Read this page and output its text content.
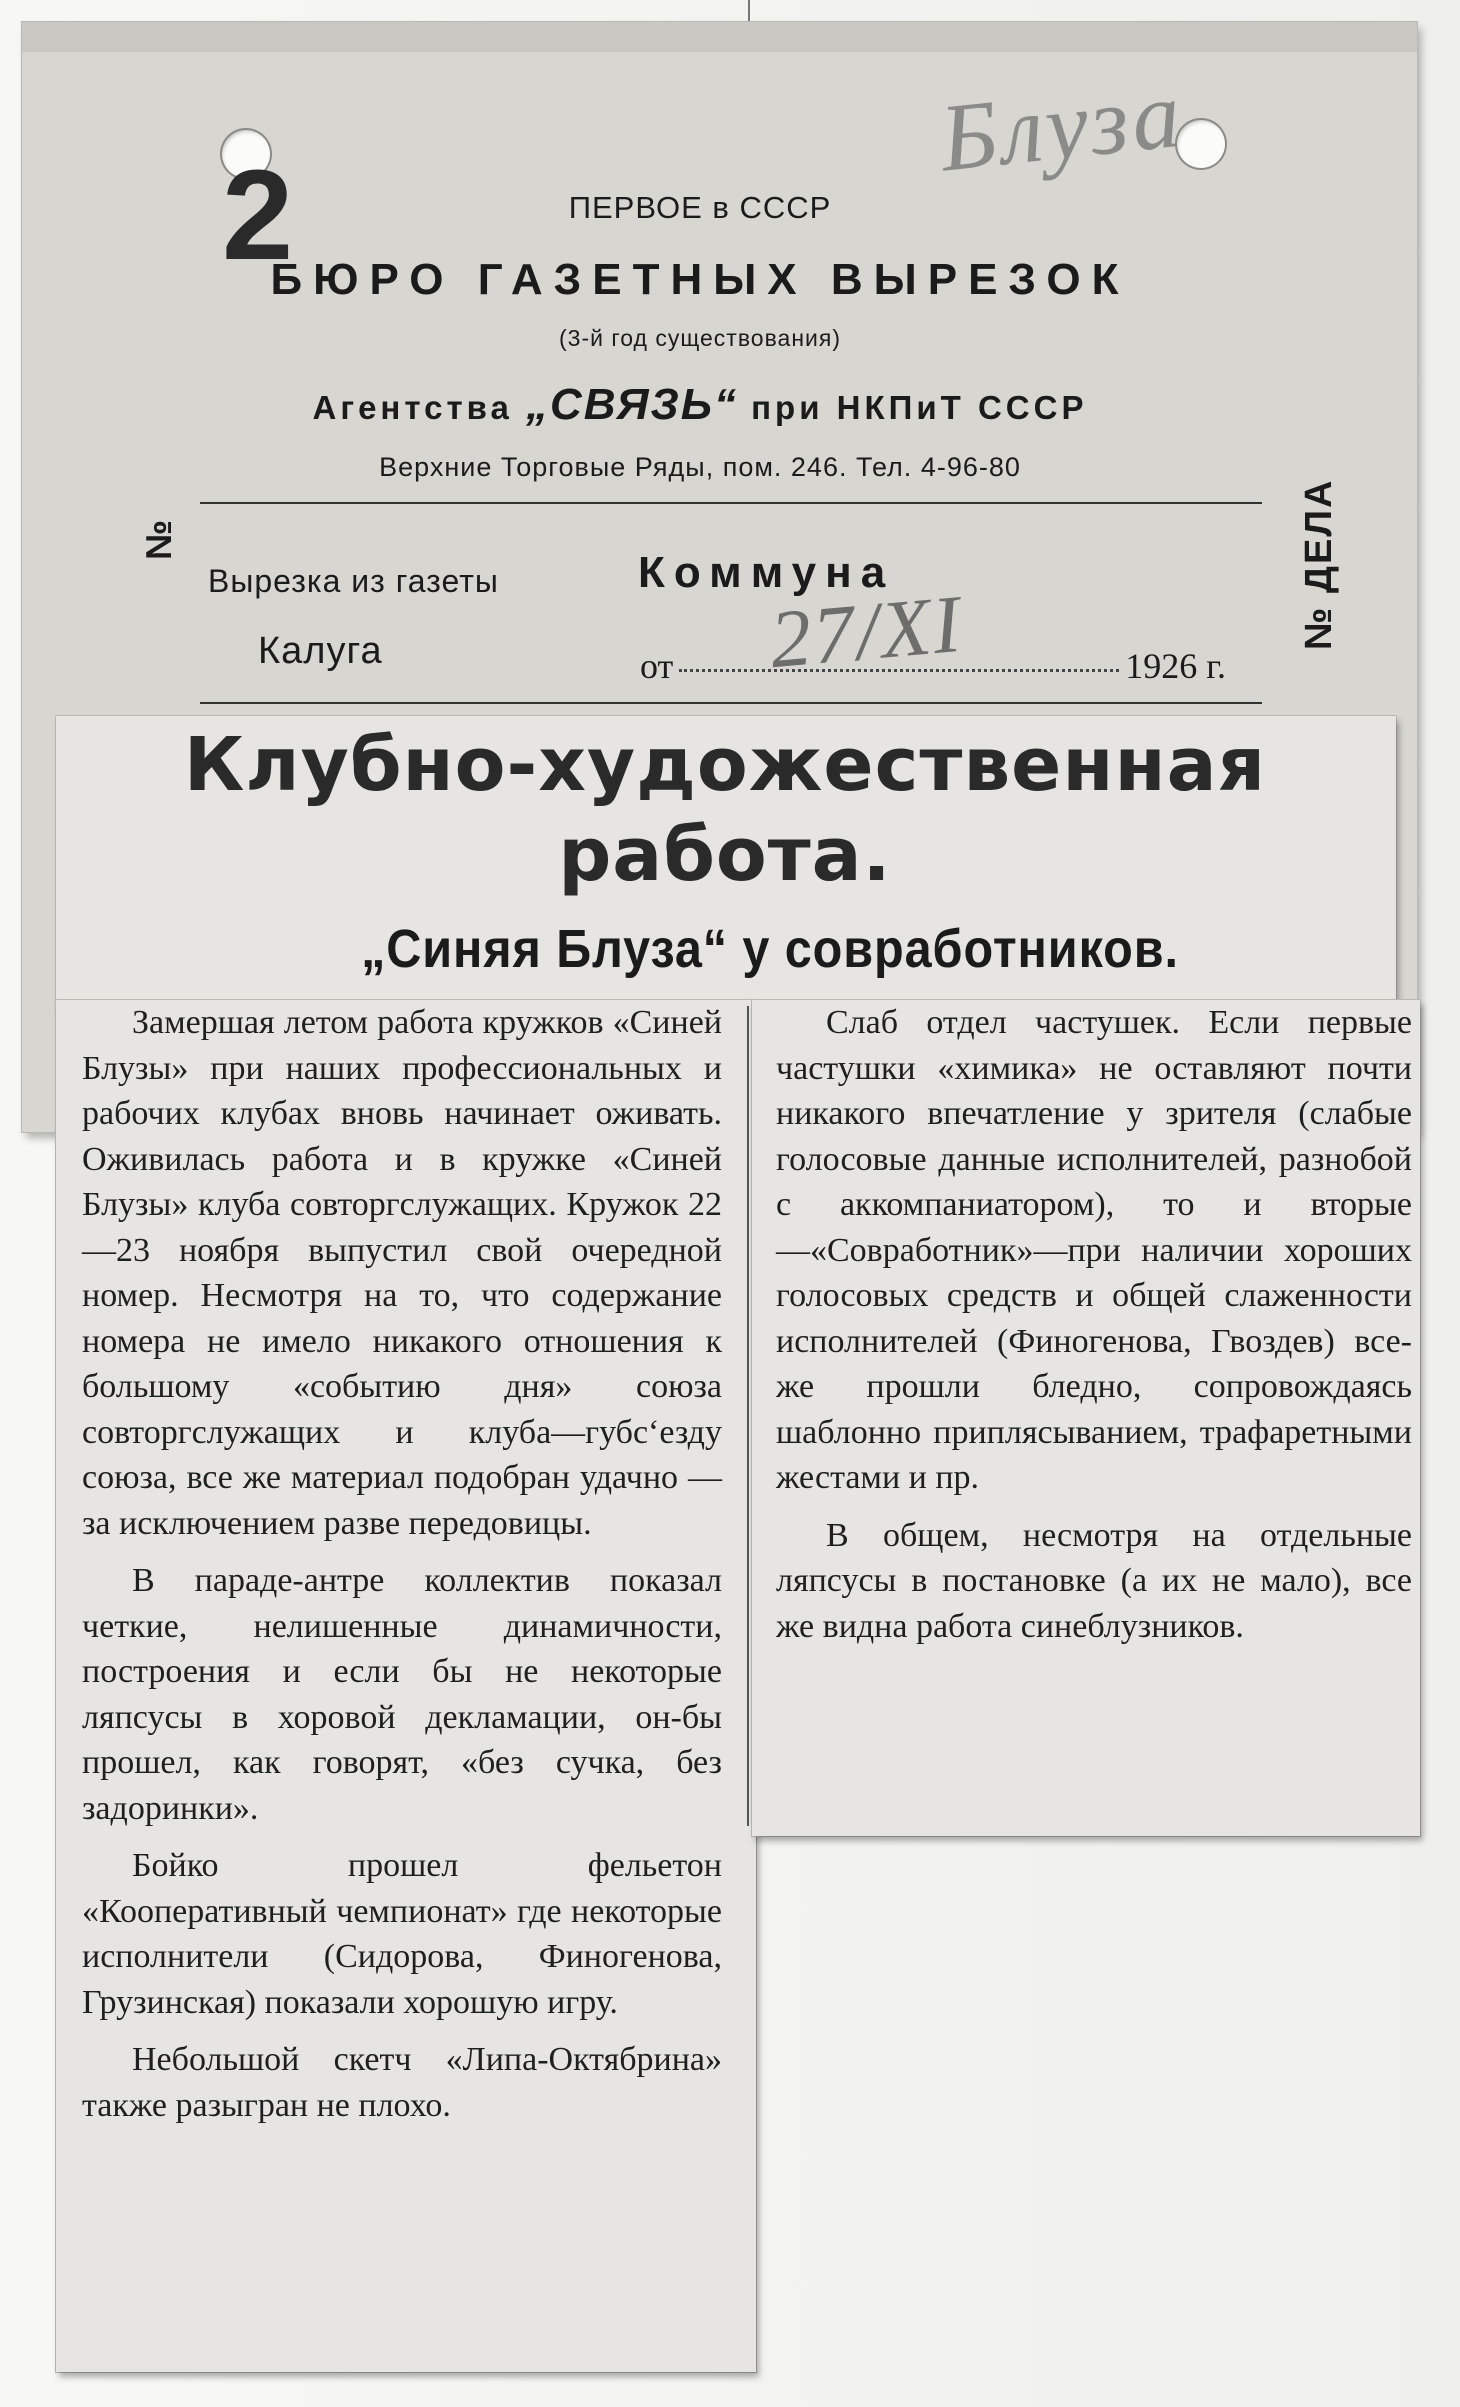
2
Блуза
ПЕРВОЕ в СССР
БЮРО ГАЗЕТНЫХ ВЫРЕЗОК
(3-й год существования)
Агентства „СВЯЗЬ“ при НКПиТ СССР
Верхние Торговые Ряды, пом. 246. Тел. 4-96-80
№	№ ДЕЛА
Вырезка из газеты	Коммуна
Калуга	от	1926 г.
27/XI
Клубно-художественная
работа.
„Синяя Блуза“ у совработников.

Замершая летом работа кружков «Синей Блузы» при наших профессиональных и рабочих клубах вновь начинает оживать. Оживилась работа и в кружке «Синей Блузы» клуба совторгслужащих. Кружок 22—23 ноября выпустил свой очередной номер. Несмотря на то, что содержание номера не имело никакого отношения к большому «событию дня» союза совторгслужащих и клуба—губс‘езду союза, все же материал подобран удачно — за исключением разве передовицы.

В параде-антре коллектив показал четкие, нелишенные динамичности, построения и если бы не некоторые ляпсусы в хоровой декламации, он-бы прошел, как говорят, «без сучка, без задоринки».

Бойко прошел фельетон «Кооперативный чемпионат» где некоторые исполнители (Сидорова, Финогенова, Грузинская) показали хорошую игру.

Небольшой скетч «Липа-Октябрина» также разыгран не плохо.

Слаб отдел частушек. Если первые частушки «химика» не оставляют почти никакого впечатление у зрителя (слабые голосовые данные исполнителей, разнобой с аккомпаниатором), то и вторые—«Совработник»—при наличии хороших голосовых средств и общей слаженности исполнителей (Финогенова, Гвоздев) все-же прошли бледно, сопровождаясь шаблонно приплясыванием, трафаретными жестами и пр.

В общем, несмотря на отдельные ляпсусы в постановке (а их не мало), все же видна работа синеблузников.
